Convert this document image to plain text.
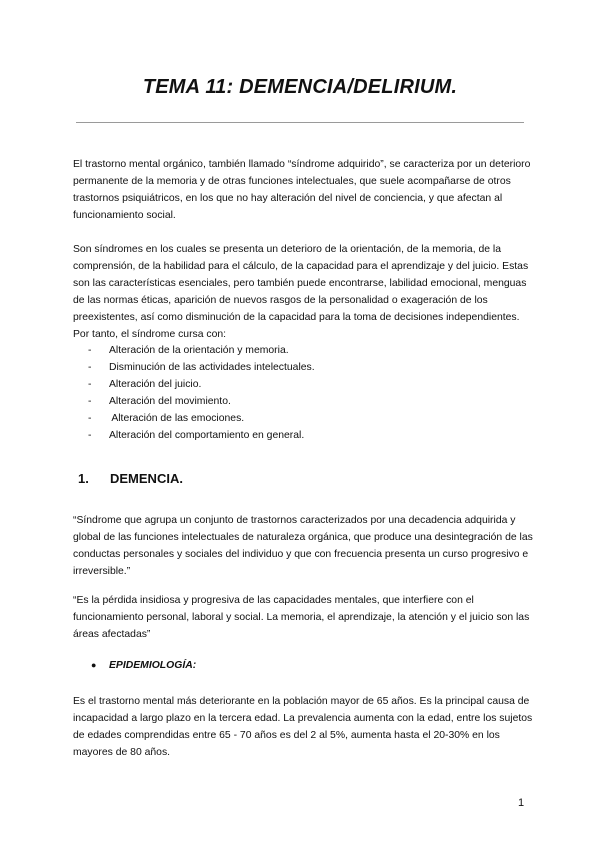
TEMA 11: DEMENCIA/DELIRIUM.

El trastorno mental orgánico, también llamado “síndrome adquirido”, se caracteriza por un deterioro permanente de la memoria y de otras funciones intelectuales, que suele acompañarse de otros trastornos psiquiátricos, en los que no hay alteración del nivel de conciencia, y que afectan al funcionamiento social.

Son síndromes en los cuales se presenta un deterioro de la orientación, de la memoria, de la comprensión, de la habilidad para el cálculo, de la capacidad para el aprendizaje y del juicio. Estas son las características esenciales, pero también puede encontrarse, labilidad emocional, menguas de las normas éticas, aparición de nuevos rasgos de la personalidad o exageración de los preexistentes, así como disminución de la capacidad para la toma de decisiones independientes. Por tanto, el síndrome cursa con:

- Alteración de la orientación y memoria.
- Disminución de las actividades intelectuales.
- Alteración del juicio.
- Alteración del movimiento.
- Alteración de las emociones.
- Alteración del comportamiento en general.
1. DEMENCIA.

“Síndrome que agrupa un conjunto de trastornos caracterizados por una decadencia adquirida y global de las funciones intelectuales de naturaleza orgánica, que produce una desintegración de las conductas personales y sociales del individuo y que con frecuencia presenta un curso progresivo e irreversible.”

“Es la pérdida insidiosa y progresiva de las capacidades mentales, que interfiere con el funcionamiento personal, laboral y social. La memoria, el aprendizaje, la atención y el juicio son las áreas afectadas”

● EPIDEMIOLOGÍA:

Es el trastorno mental más deteriorante en la población mayor de 65 años. Es la principal causa de incapacidad a largo plazo en la tercera edad. La prevalencia aumenta con la edad, entre los sujetos de edades comprendidas entre 65 - 70 años es del 2 al 5%, aumenta hasta el 20-30% en los mayores de 80 años.

1
